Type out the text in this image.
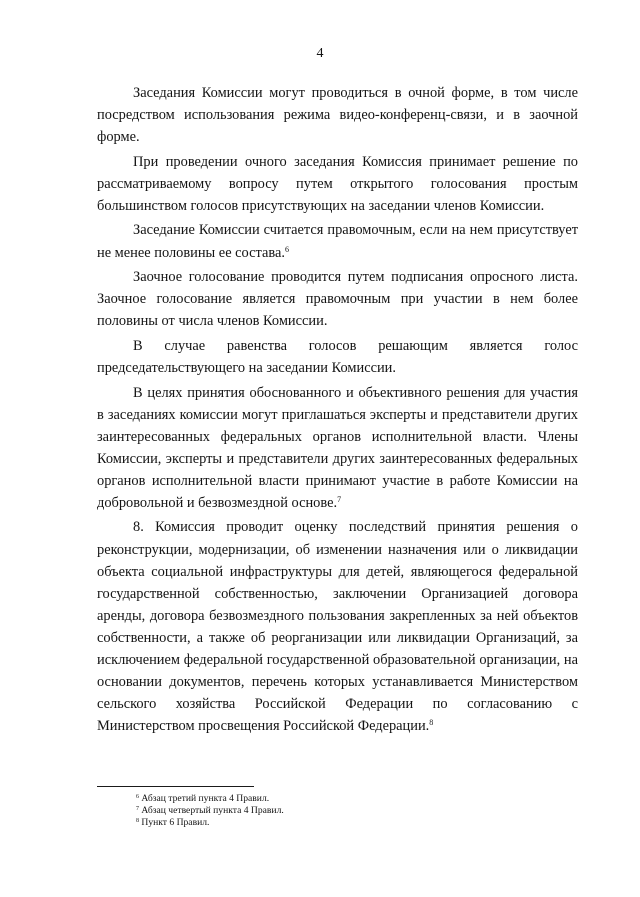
4

Заседания Комиссии могут проводиться в очной форме, в том числе посредством использования режима видео-конференц-связи, и в заочной форме.

При проведении очного заседания Комиссия принимает решение по рассматриваемому вопросу путем открытого голосования простым большинством голосов присутствующих на заседании членов Комиссии.

Заседание Комиссии считается правомочным, если на нем присутствует не менее половины ее состава.$^6$

Заочное голосование проводится путем подписания опросного листа. Заочное голосование является правомочным при участии в нем более половины от числа членов Комиссии.

В случае равенства голосов решающим является голос председательствующего на заседании Комиссии.

В целях принятия обоснованного и объективного решения для участия в заседаниях комиссии могут приглашаться эксперты и представители других заинтересованных федеральных органов исполнительной власти. Члены Комиссии, эксперты и представители других заинтересованных федеральных органов исполнительной власти принимают участие в работе Комиссии на добровольной и безвозмездной основе.$^7$

8. Комиссия проводит оценку последствий принятия решения о реконструкции, модернизации, об изменении назначения или о ликвидации объекта социальной инфраструктуры для детей, являющегося федеральной государственной собственностью, заключении Организацией договора аренды, договора безвозмездного пользования закрепленных за ней объектов собственности, а также об реорганизации или ликвидации Организаций, за исключением федеральной государственной образовательной организации, на основании документов, перечень которых устанавливается Министерством сельского хозяйства Российской Федерации по согласованию с Министерством просвещения Российской Федерации.$^8$

$^6$ Абзац третий пункта 4 Правил.
$^7$ Абзац четвертый пункта 4 Правил.
$^8$ Пункт 6 Правил.
